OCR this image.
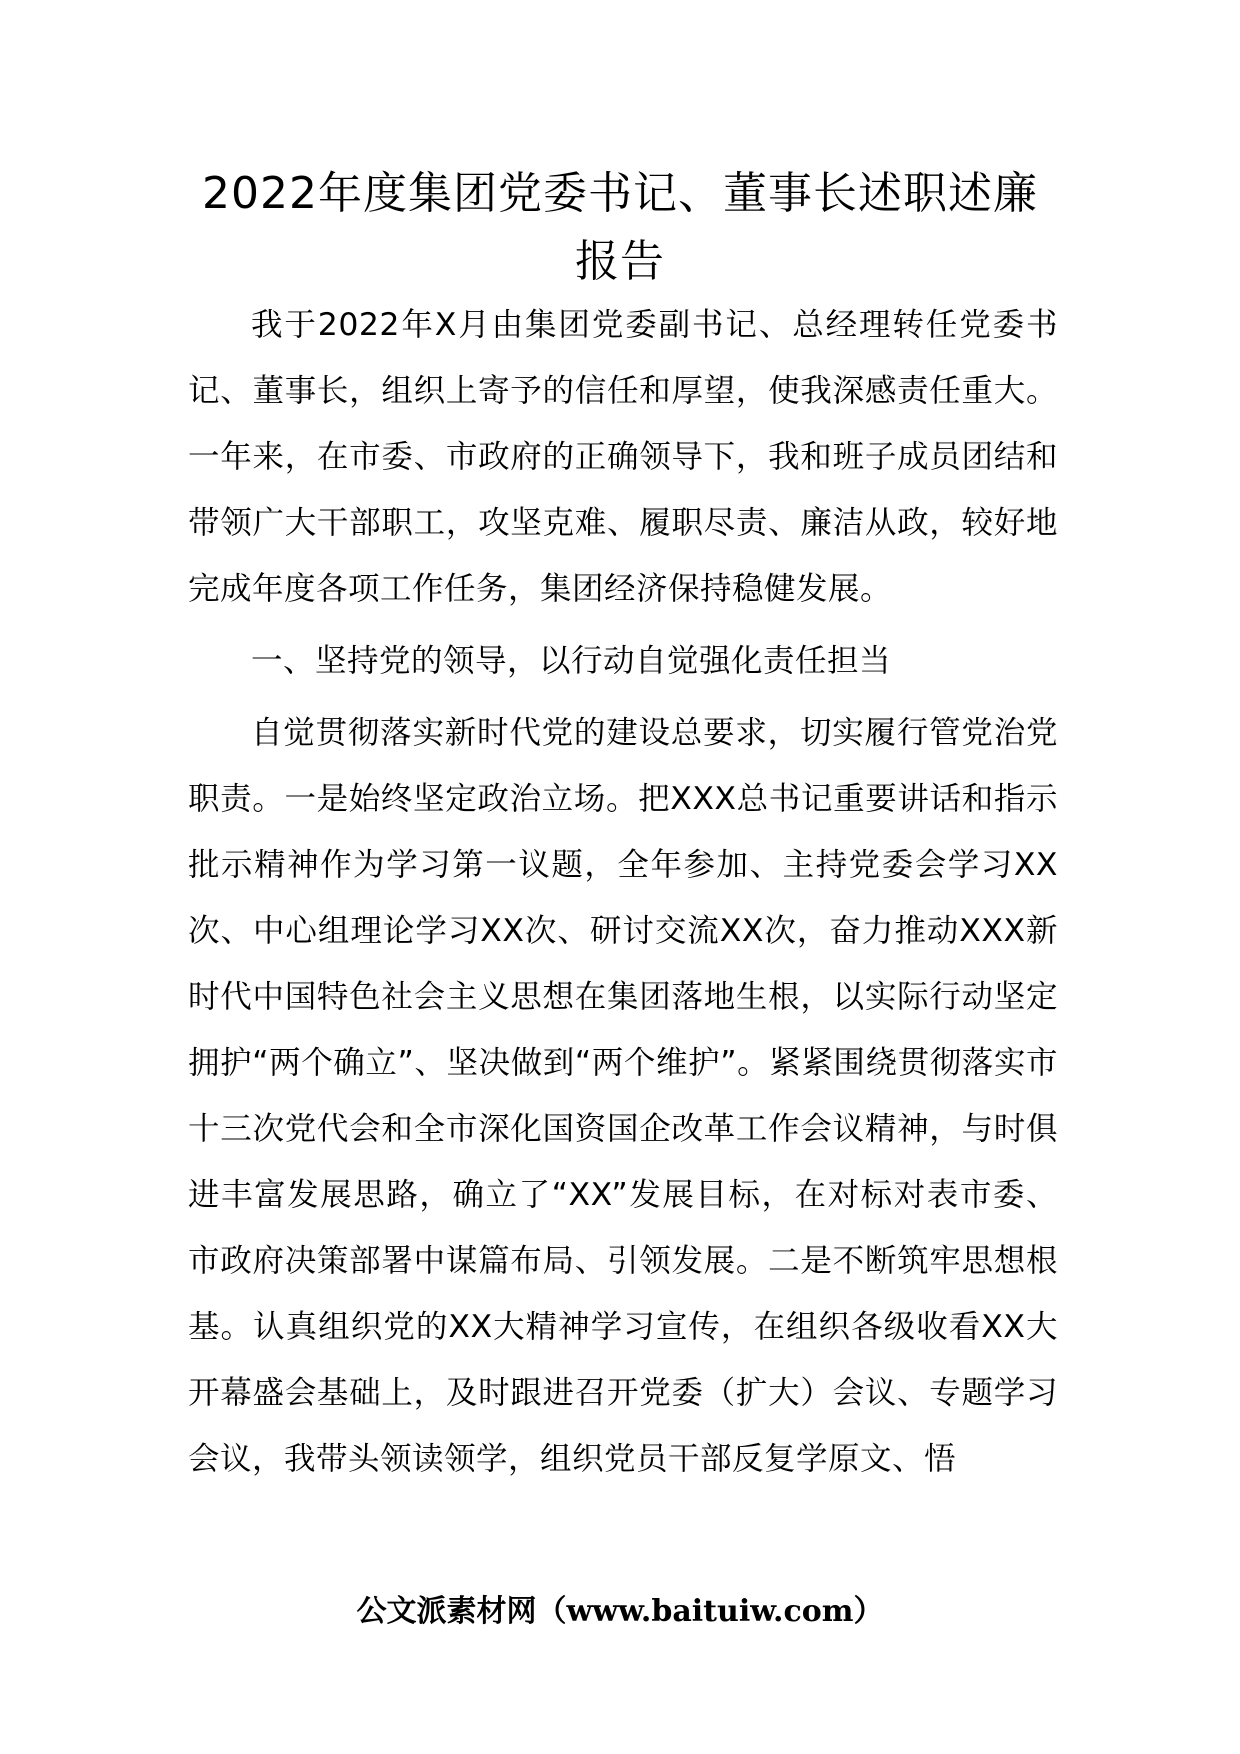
2022年度集团党委书记、董事长述职述廉报告

我于2022年X月由集团党委副书记、总经理转任党委书记、董事长，组织上寄予的信任和厚望，使我深感责任重大。一年来，在市委、市政府的正确领导下，我和班子成员团结和带领广大干部职工，攻坚克难、履职尽责、廉洁从政，较好地完成年度各项工作任务，集团经济保持稳健发展。

一、坚持党的领导，以行动自觉强化责任担当

自觉贯彻落实新时代党的建设总要求，切实履行管党治党职责。一是始终坚定政治立场。把XXX总书记重要讲话和指示批示精神作为学习第一议题，全年参加、主持党委会学习XX次、中心组理论学习XX次、研讨交流XX次，奋力推动XXX新时代中国特色社会主义思想在集团落地生根，以实际行动坚定拥护“两个确立”、坚决做到“两个维护”。紧紧围绕贯彻落实市十三次党代会和全市深化国资国企改革工作会议精神，与时俱进丰富发展思路，确立了“XX”发展目标，在对标对表市委、市政府决策部署中谋篇布局、引领发展。二是不断筑牢思想根基。认真组织党的XX大精神学习宣传，在组织各级收看XX大开幕盛会基础上，及时跟进召开党委（扩大）会议、专题学习会议，我带头领读领学，组织党员干部反复学原文、悟

公文派素材网（www.baituiw.com）
